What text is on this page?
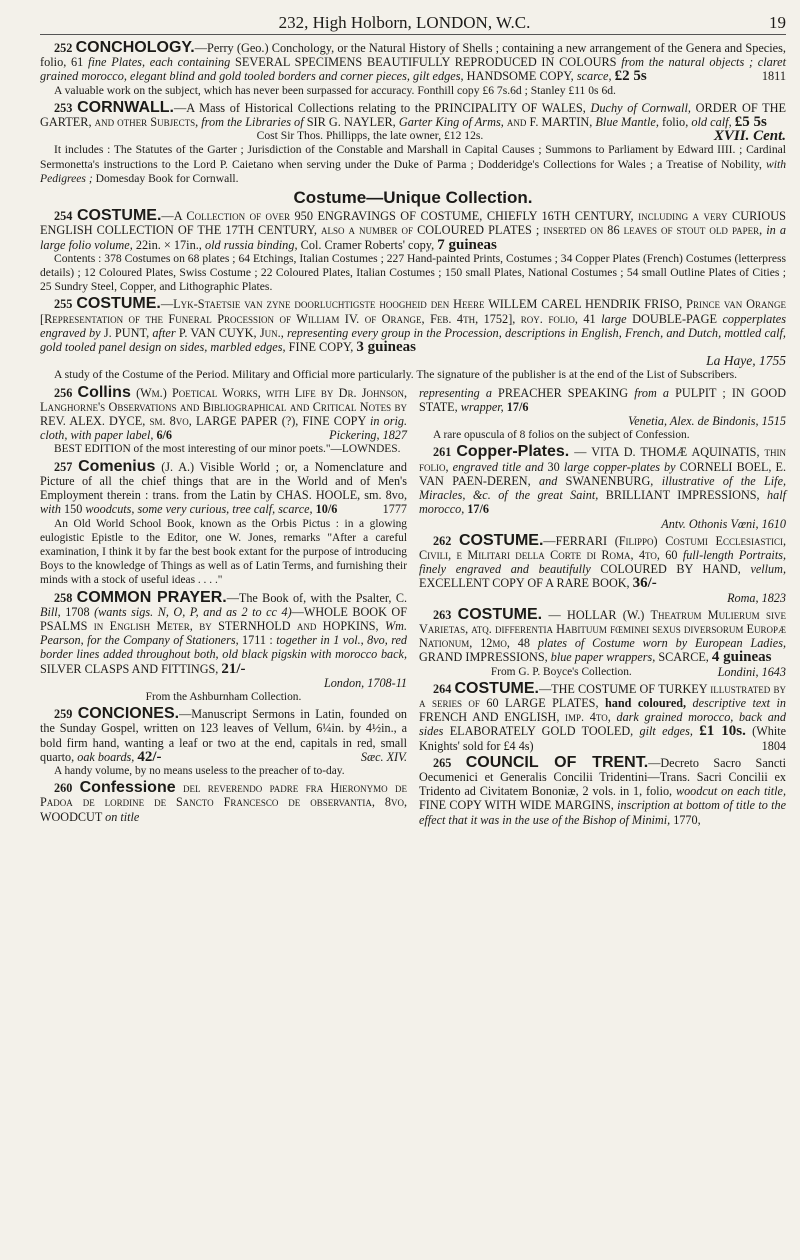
232, High Holborn, LONDON, W.C.	19

252 CONCHOLOGY.—Perry (Geo.) Conchology, or the Natural History of Shells ; containing a new arrangement of the Genera and Species, folio, 61 fine Plates, each containing SEVERAL SPECIMENS BEAUTIFULLY REPRODUCED IN COLOURS from the natural objects ; claret grained morocco, elegant blind and gold tooled borders and corner pieces, gilt edges, HANDSOME COPY, scarce, £2 5s	1811

A valuable work on the subject, which has never been surpassed for accuracy. Fonthill copy £6 7s.6d ; Stanley £11 0s 6d.

253 CORNWALL.—A Mass of Historical Collections relating to the PRINCIPALITY OF WALES, Duchy of Cornwall, ORDER OF THE GARTER, and other Subjects, from the Libraries of SIR G. NAYLER, Garter King of Arms, and F. MARTIN, Blue Mantle, folio, old calf, £5 5s
XVII. Cent.

Cost Sir Thos. Phillipps, the late owner, £12 12s.

It includes : The Statutes of the Garter ; Jurisdiction of the Constable and Marshall in Capital Causes ; Summons to Parliament by Edward IIII. ; Cardinal Sermonetta's instructions to the Lord P. Caietano when serving under the Duke of Parma ; Dodderidge's Collections for Wales ; a Treatise of Nobility, with Pedigrees ; Domesday Book for Cornwall.

Costume—Unique Collection.

254 COSTUME.—A Collection of over 950 ENGRAVINGS OF COSTUME, CHIEFLY 16TH CENTURY, including a very CURIOUS ENGLISH COLLECTION OF THE 17TH CENTURY, also a number of COLOURED PLATES ; inserted on 86 leaves of stout old paper, in a large folio volume, 22in. × 17in., old russia binding, Col. Cramer Roberts' copy, 7 guineas

Contents : 378 Costumes on 68 plates ; 64 Etchings, Italian Costumes ; 227 Hand-painted Prints, Costumes ; 34 Copper Plates (French) Costumes (letterpress details) ; 12 Coloured Plates, Swiss Costume ; 22 Coloured Plates, Italian Costumes ; 150 small Plates, National Costumes ; 54 small Outline Plates of Cities ; 25 Sundry Steel, Copper, and Lithographic Plates.

255 COSTUME.—Lyk-Staetsie van zyne doorluchtigste hoogheid den Heere WILLEM CAREL HENDRIK FRISO, Prince van Orange [Representation of the Funeral Procession of William IV. of Orange, Feb. 4th, 1752], roy. folio, 41 large DOUBLE-PAGE copperplates engraved by J. PUNT, after P. VAN CUYK, Jun., representing every group in the Procession, descriptions in English, French, and Dutch, mottled calf, gold tooled panel design on sides, marbled edges, FINE COPY, 3 guineas

La Haye, 1755

A study of the Costume of the Period. Military and Official more particularly. The signature of the publisher is at the end of the List of Subscribers.

256 Collins (Wm.) Poetical Works, with Life by Dr. Johnson, Langhorne's Observations and Bibliographical and Critical Notes by REV. ALEX. DYCE, sm. 8vo, LARGE PAPER (?), FINE COPY in orig. cloth, with paper label, 6/6	Pickering, 1827

BEST EDITION of the most interesting of our minor poets."—LOWNDES.

257 Comenius (J. A.) Visible World ; or, a Nomenclature and Picture of all the chief things that are in the World and of Men's Employment therein : trans. from the Latin by CHAS. HOOLE, sm. 8vo, with 150 woodcuts, some very curious, tree calf, scarce, 10/6	1777

An Old World School Book, known as the Orbis Pictus : in a glowing eulogistic Epistle to the Editor, one W. Jones, remarks "After a careful examination, I think it by far the best book extant for the purpose of introducing Boys to the knowledge of Things as well as of Latin Terms, and furnishing their minds with a stock of useful ideas . . . ."

258 COMMON PRAYER.—The Book of, with the Psalter, C. Bill, 1708 (wants sigs. N, O, P, and as 2 to cc 4)—WHOLE BOOK OF PSALMS in English Meter, by STERNHOLD and HOPKINS, Wm. Pearson, for the Company of Stationers, 1711 : together in 1 vol., 8vo, red border lines added throughout both, old black pigskin with morocco back, SILVER CLASPS AND FITTINGS, 21/-

London, 1708-11

From the Ashburnham Collection.

259 CONCIONES.—Manuscript Sermons in Latin, founded on the Sunday Gospel, written on 123 leaves of Vellum, 6¼in. by 4½in., a bold firm hand, wanting a leaf or two at the end, capitals in red, small quarto, oak boards, 42/-	Sæc. XIV.

A handy volume, by no means useless to the preacher of to-day.

260 Confessione del reverendo padre fra Hieronymo de Padoa de lordine de Sancto Francesco de observantia, 8vo, WOODCUT on title

representing a PREACHER SPEAKING from a PULPIT ; IN GOOD STATE, wrapper, 17/6

Venetia, Alex. de Bindonis, 1515

A rare opuscula of 8 folios on the subject of Confession.

261 Copper-Plates. — VITA D. THOMÆ AQUINATIS, thin folio, engraved title and 30 large copper-plates by CORNELI BOEL, E. VAN PAEN-DEREN, and SWANENBURG, illustrative of the Life, Miracles, &c. of the great Saint, BRILLIANT IMPRESSIONS, half morocco, 17/6

Antv. Othonis Vœni, 1610

262 COSTUME.—FERRARI (Filippo) Costumi Ecclesiastici, Civili, e Militari della Corte di Roma, 4to, 60 full-length Portraits, finely engraved and beautifully COLOURED BY HAND, vellum, EXCELLENT COPY OF A RARE BOOK, 36/-

Roma, 1823

263 COSTUME. — HOLLAR (W.) Theatrum Mulierum sive Varietas, atq. differentia Habituum fœminei sexus diversorum Europæ Nationum, 12mo, 48 plates of Costume worn by European Ladies, GRAND IMPRESSIONS, blue paper wrappers, SCARCE, 4 guineas
Londini, 1643

From G. P. Boyce's Collection.

264 COSTUME.—THE COSTUME OF TURKEY illustrated by a series of 60 LARGE PLATES, hand coloured, descriptive text in FRENCH AND ENGLISH, imp. 4to, dark grained morocco, back and sides ELABORATELY GOLD TOOLED, gilt edges, £1 10s. (White Knights' sold for £4 4s)	1804

265 COUNCIL OF TRENT.—Decreto Sacro Sancti Oecumenici et Generalis Concilii Tridentini—Trans. Sacri Concilii ex Tridento ad Civitatem Bononiæ, 2 vols. in 1, folio, woodcut on each title, FINE COPY WITH WIDE MARGINS, inscription at bottom of title to the effect that it was in the use of the Bishop of Minimi, 1770,
